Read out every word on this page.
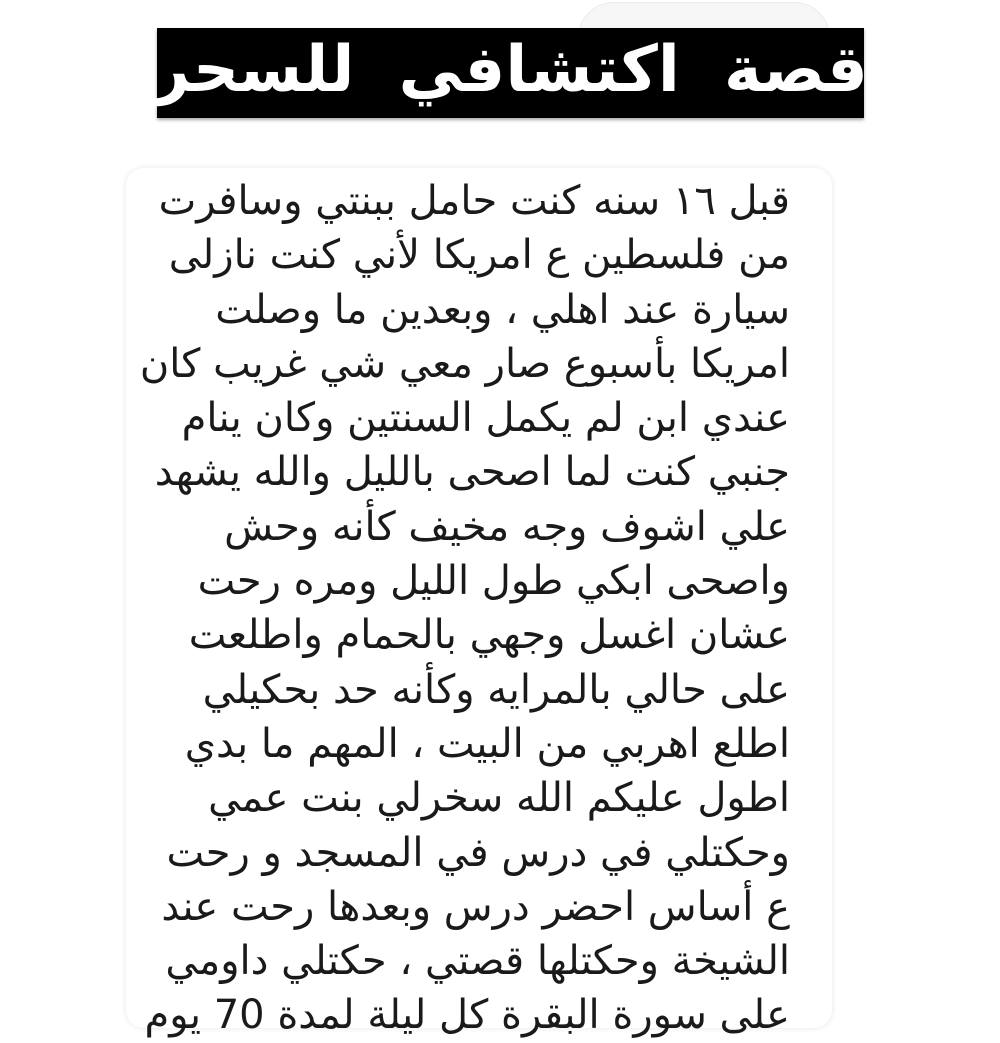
قصة اكتشافي للسحر
قبل ١٦ سنه كنت حامل ببنتي وسافرت
من فلسطين ع امريكا لأني كنت نازلى
سيارة عند اهلي ، وبعدين ما وصلت
امريكا بأسبوع صار معي شي غريب كان
عندي ابن لم يكمل السنتين وكان ينام
جنبي كنت لما اصحى بالليل والله يشهد
علي اشوف وجه مخيف كأنه وحش
واصحى ابكي طول الليل ومره رحت
عشان اغسل وجهي بالحمام واطلعت
على حالي بالمرايه وكأنه حد بحكيلي
اطلع اهربي من البيت ، المهم ما بدي
اطول عليكم الله سخرلي بنت عمي
وحكتلي في درس في المسجد و رحت
ع أساس احضر درس وبعدها رحت عند
الشيخة وحكتلها قصتي ، حكتلي داومي
على سورة البقرة كل ليلة لمدة 70 يوم
